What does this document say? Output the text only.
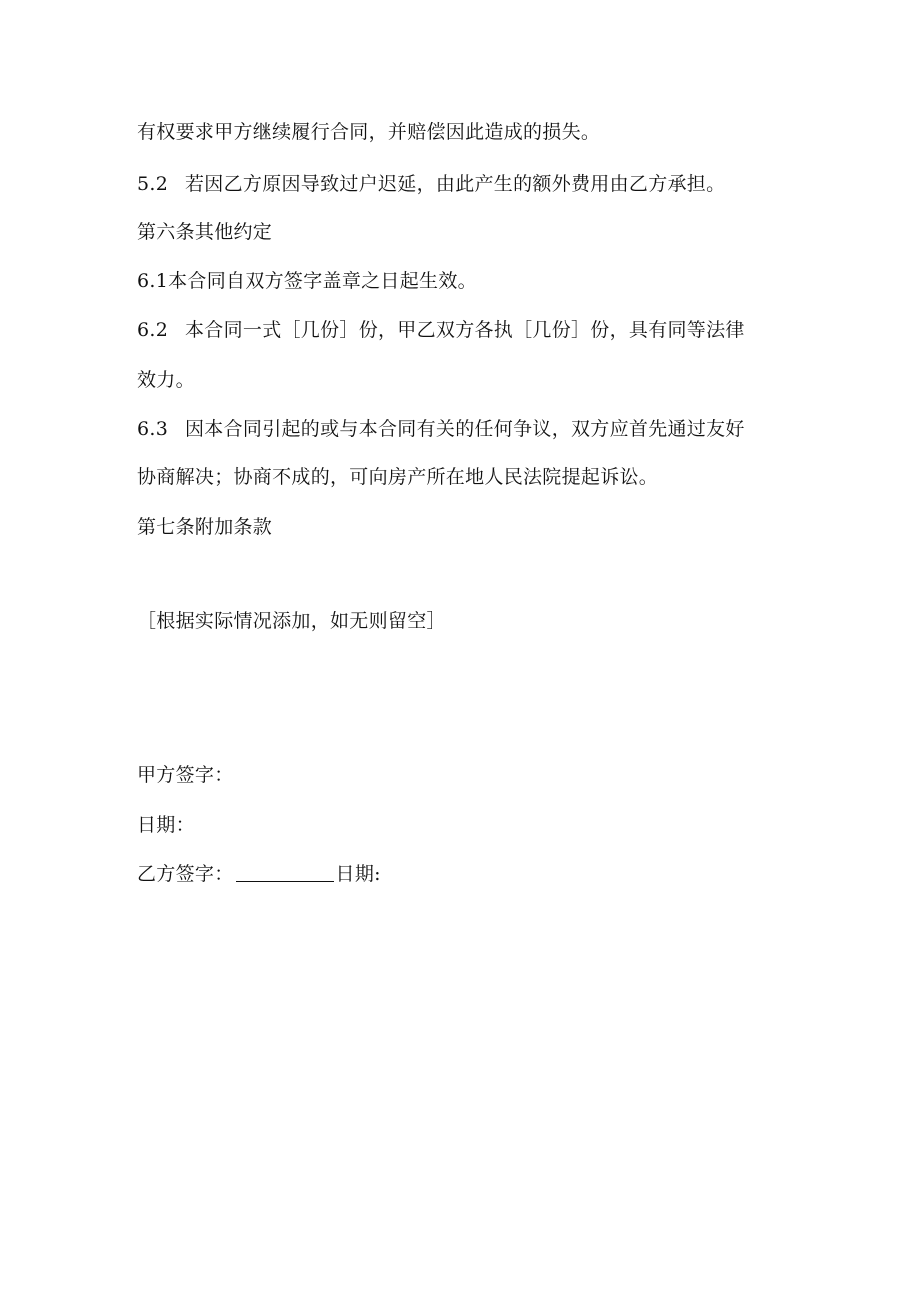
有权要求甲方继续履行合同，并赔偿因此造成的损失。
5.2 若因乙方原因导致过户迟延，由此产生的额外费用由乙方承担。
第六条其他约定
6.1本合同自双方签字盖章之日起生效。
6.2 本合同一式［几份］份，甲乙双方各执［几份］份，具有同等法律
效力。
6.3 因本合同引起的或与本合同有关的任何争议，双方应首先通过友好
协商解决；协商不成的，可向房产所在地人民法院提起诉讼。
第七条附加条款
［根据实际情况添加，如无则留空］
甲方签字：
日期：
乙方签字：	日期:
